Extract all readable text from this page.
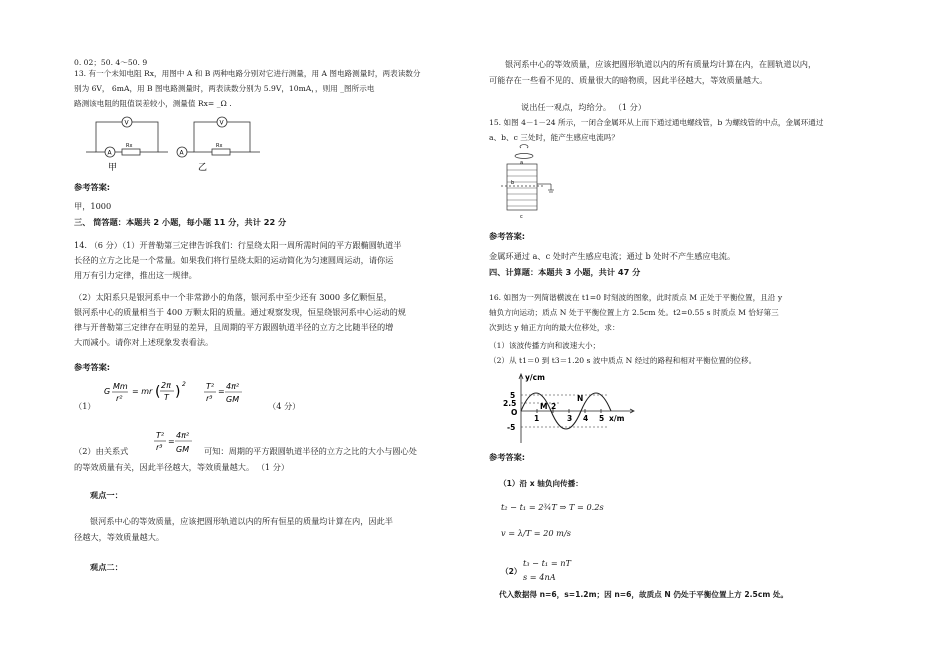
0. 02；50. 4～50. 9
13. 有一个未知电阻 Rx，用图中 A 和 B 两种电路分别对它进行测量，用 A 图电路测量时，两表读数分
别为 6V， 6mA，用 B 图电路测量时，两表读数分别为 5.9V，10mA，，则用 _图所示电
路测该电阻的阻值误差较小，测量值 Rx= _Ω .
V
A
Rx
V
A
Rx
甲	乙
参考答案:
甲，1000
三、 简答题：本题共 2 小题，每小题 11 分，共计 22 分
14. （6 分）（1）开普勒第三定律告诉我们：行星绕太阳一周所需时间的平方跟椭圆轨道半
长径的立方之比是一个常量。如果我们将行星绕太阳的运动简化为匀速圆周运动，请你运
用万有引力定律，推出这一规律。
（2）太阳系只是银河系中一个非常渺小的角落，银河系中至少还有 3000 多亿颗恒星，
银河系中心的质量相当于 400 万颗太阳的质量。通过观察发现，恒星绕银河系中心运动的规
律与开普勒第三定律存在明显的差异，且周期的平方跟圆轨道半径的立方之比随半径的增
大而减小。请你对上述现象发表看法。
参考答案:
（1）
G
Mm
r²
= mr ( 2π
T ) 2	T²
r³
=
4π²
GM
（4 分）
（2）由关系式
T²
r³
=
4π²
GM 可知：周期的平方跟圆轨道半径的立方之比的大小与圆心处
的等效质量有关，因此半径越大，等效质量越大。 （1 分）
观点一：
银河系中心的等效质量，应该把圆形轨道以内的所有恒星的质量均计算在内，因此半
径越大，等效质量越大。
观点二：
银河系中心的等效质量，应该把圆形轨道以内的所有质量均计算在内，在圆轨道以内，
可能存在一些看不见的、质量很大的暗物质，因此半径越大，等效质量越大。
说出任一观点，均给分。 （1 分）
15. 如图 4－1－24 所示，一闭合金属环从上而下通过通电螺线管，b 为螺线管的中点，金属环通过
a、b、c 三处时，能产生感应电流吗？
a
b
c
参考答案:
金属环通过 a、c 处时产生感应电流；通过 b 处时不产生感应电流。
四、计算题：本题共 3 小题，共计 47 分
16. 如图为一列简谐横波在 t1=0 时刻波的图象，此时质点 M 正处于平衡位置，且沿 y
轴负方向运动；质点 N 处于平衡位置上方 2.5cm 处。t2=0.55 s 时质点 M 恰好第三
次到达 y 轴正方向的最大位移处，求：
（1）该波传播方向和波速大小；
（2）从 t1＝0 到 t3＝1.20 s 波中质点 N 经过的路程和相对平衡位置的位移。
y/cm
x/m
5
2.5
O
-5
1
2
3 4 5
M
N
参考答案:
（1）沿 x 轴负向传播：
t₂ − t₁ = 2¾T ⇒ T = 0.2s
v = λ/T = 20 m/s
（2）
t₃ − t₁ = nT
s = 4nA
代入数据得 n=6，s=1.2m；因 n=6，故质点 N 仍处于平衡位置上方 2.5cm 处。
